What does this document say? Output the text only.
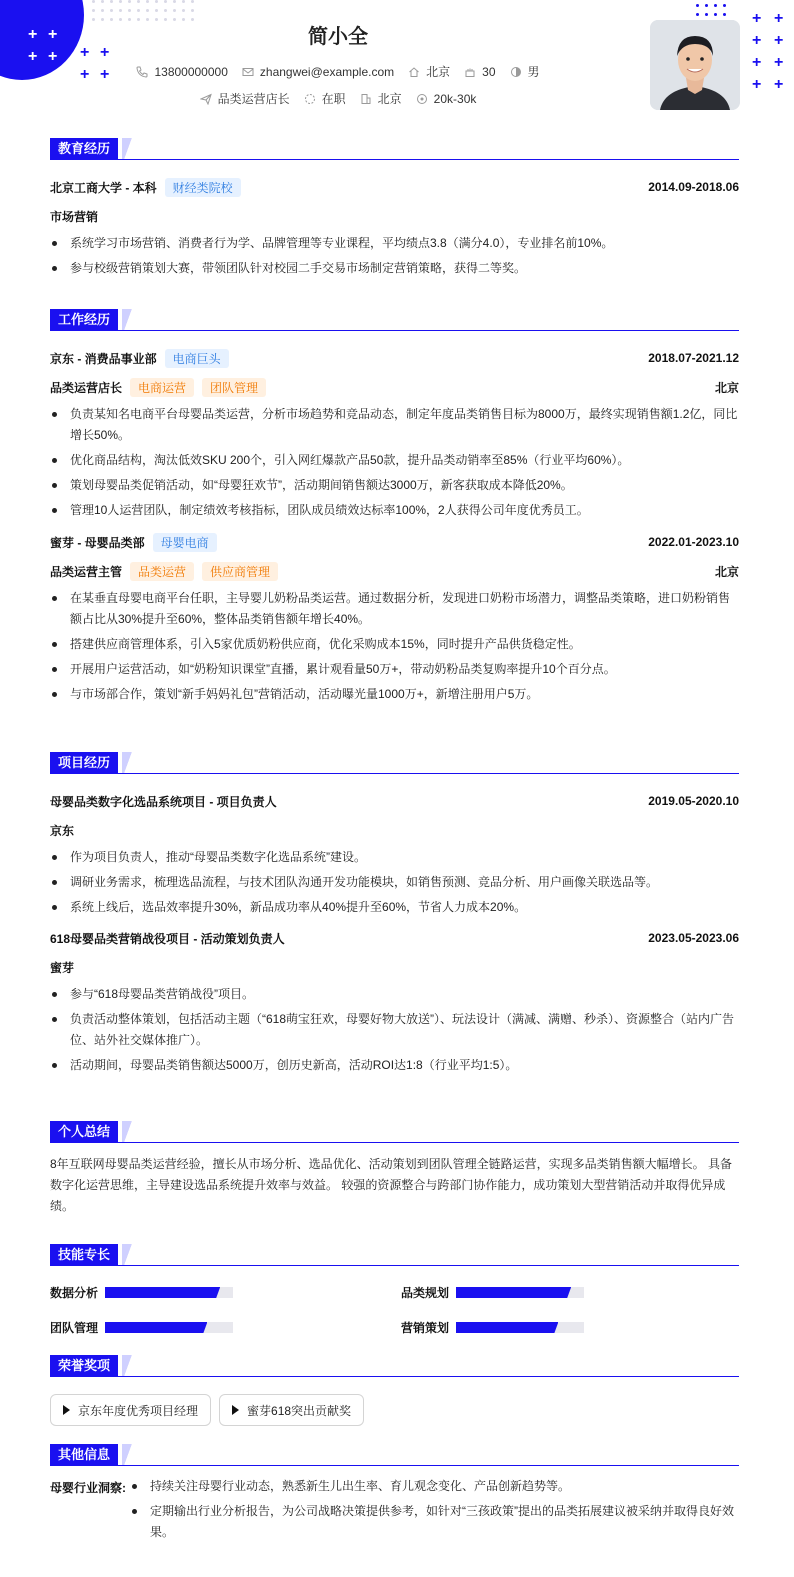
+ +
+ +	+ +
+ +
+ +
+ +
+ +
+ +
简小全
13800000000	zhangwei@example.com	北京	30	男
品类运营店长	在职	北京	20k-30k
教育经历
北京工商大学 - 本科	财经类院校	2014.09-2018.06
市场营销
系统学习市场营销、消费者行为学、品牌管理等专业课程，平均绩点3.8（满分4.0），专业排名前10%。
参与校级营销策划大赛，带领团队针对校园二手交易市场制定营销策略，获得二等奖。
工作经历
京东 - 消费品事业部	电商巨头	2018.07-2021.12
品类运营店长	电商运营	团队管理	北京
负责某知名电商平台母婴品类运营，分析市场趋势和竞品动态，制定年度品类销售目标为8000万，最终实现销售额1.2亿，同比增长50%。
优化商品结构，淘汰低效SKU 200个，引入网红爆款产品50款，提升品类动销率至85%（行业平均60%）。
策划母婴品类促销活动，如“母婴狂欢节”，活动期间销售额达3000万，新客获取成本降低20%。
管理10人运营团队，制定绩效考核指标，团队成员绩效达标率100%，2人获得公司年度优秀员工。
蜜芽 - 母婴品类部	母婴电商	2022.01-2023.10
品类运营主管	品类运营	供应商管理	北京
在某垂直母婴电商平台任职，主导婴儿奶粉品类运营。通过数据分析，发现进口奶粉市场潜力，调整品类策略，进口奶粉销售额占比从30%提升至60%，整体品类销售额年增长40%。
搭建供应商管理体系，引入5家优质奶粉供应商，优化采购成本15%，同时提升产品供货稳定性。
开展用户运营活动，如“奶粉知识课堂”直播，累计观看量50万+，带动奶粉品类复购率提升10个百分点。
与市场部合作，策划“新手妈妈礼包”营销活动，活动曝光量1000万+，新增注册用户5万。
项目经历
母婴品类数字化选品系统项目 - 项目负责人	2019.05-2020.10
京东
作为项目负责人，推动“母婴品类数字化选品系统”建设。
调研业务需求，梳理选品流程，与技术团队沟通开发功能模块，如销售预测、竞品分析、用户画像关联选品等。
系统上线后，选品效率提升30%，新品成功率从40%提升至60%，节省人力成本20%。
618母婴品类营销战役项目 - 活动策划负责人	2023.05-2023.06
蜜芽
参与“618母婴品类营销战役”项目。
负责活动整体策划，包括活动主题（“618萌宝狂欢，母婴好物大放送”）、玩法设计（满减、满赠、秒杀）、资源整合（站内广告位、站外社交媒体推广）。
活动期间，母婴品类销售额达5000万，创历史新高，活动ROI达1:8（行业平均1:5）。
个人总结
8年互联网母婴品类运营经验，擅长从市场分析、选品优化、活动策划到团队管理全链路运营，实现多品类销售额大幅增长。 具备数字化运营思维，主导建设选品系统提升效率与效益。 较强的资源整合与跨部门协作能力，成功策划大型营销活动并取得优异成绩。
技能专长
数据分析	品类规划
团队管理	营销策划
荣誉奖项
京东年度优秀项目经理	蜜芽618突出贡献奖
其他信息
母婴行业洞察:	持续关注母婴行业动态，熟悉新生儿出生率、育儿观念变化、产品创新趋势等。
定期输出行业分析报告，为公司战略决策提供参考，如针对“三孩政策”提出的品类拓展建议被采纳并取得良好效果。
